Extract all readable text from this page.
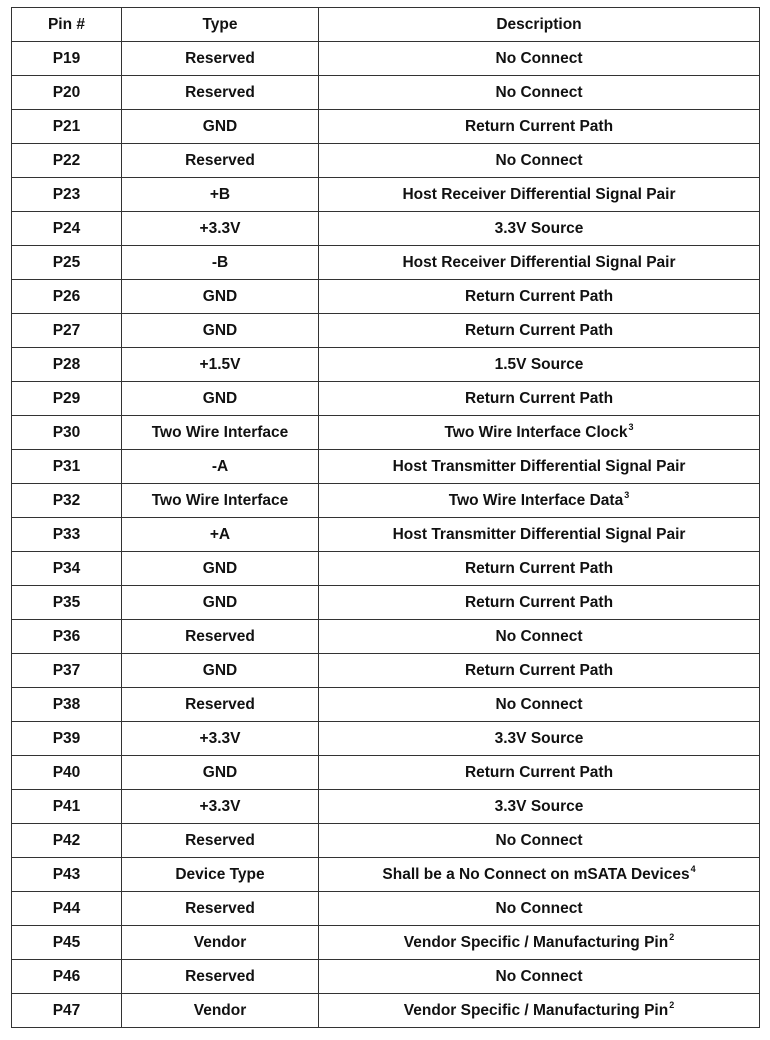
Pin #	Type	Description
P19	Reserved	No Connect
P20	Reserved	No Connect
P21	GND	Return Current Path
P22	Reserved	No Connect
P23	+B	Host Receiver Differential Signal Pair
P24	+3.3V	3.3V Source
P25	-B	Host Receiver Differential Signal Pair
P26	GND	Return Current Path
P27	GND	Return Current Path
P28	+1.5V	1.5V Source
P29	GND	Return Current Path
P30	Two Wire Interface	Two Wire Interface Clock$^3$
P31	-A	Host Transmitter Differential Signal Pair
P32	Two Wire Interface	Two Wire Interface Data$^3$
P33	+A	Host Transmitter Differential Signal Pair
P34	GND	Return Current Path
P35	GND	Return Current Path
P36	Reserved	No Connect
P37	GND	Return Current Path
P38	Reserved	No Connect
P39	+3.3V	3.3V Source
P40	GND	Return Current Path
P41	+3.3V	3.3V Source
P42	Reserved	No Connect
P43	Device Type	Shall be a No Connect on mSATA Devices$^4$
P44	Reserved	No Connect
P45	Vendor	Vendor Specific / Manufacturing Pin$^2$
P46	Reserved	No Connect
P47	Vendor	Vendor Specific / Manufacturing Pin$^2$
